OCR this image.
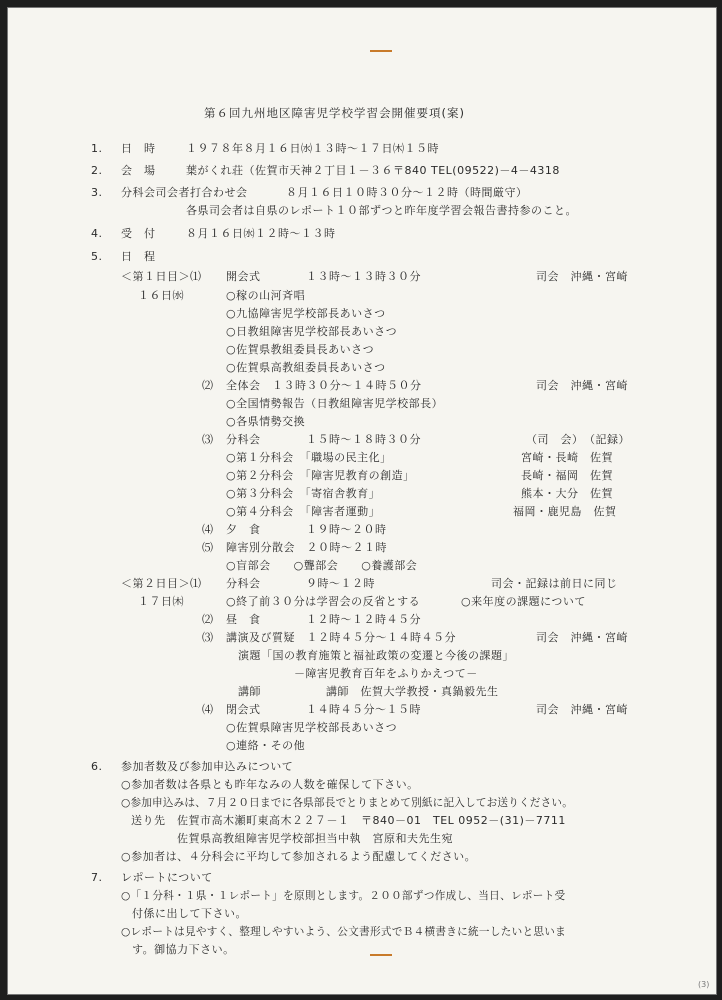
第６回九州地区障害児学校学習会開催要項(案)
1. 日　時	１９７８年８月１６日㈬１３時～１７日㈭１５時
2. 会　場	葉がくれ荘（佐賀市天神２丁目１－３６〒840 TEL(09522)－4－4318
3. 分科会司会者打合わせ会	８月１６日１０時３０分～１２時（時間厳守）
各県司会者は自県のレポート１０部ずつと昨年度学習会報告書持参のこと。
4. 受　付	８月１６日㈬１２時～１３時
5. 日　程
＜第１日目＞⑴ 開会式	１３時～１３時３０分	司会　沖縄・宮崎
１６日㈬	○稼の山河斉唱
○九協障害児学校部長あいさつ
○日教組障害児学校部長あいさつ
○佐賀県教組委員長あいさつ
○佐賀県高教組委員長あいさつ
⑵ 全体会　１３時３０分～１４時５０分	司会　沖縄・宮崎
○全国情勢報告（日教組障害児学校部長）
○各県情勢交換
⑶ 分科会	１５時～１８時３０分	（司　会）　（記録）
○第１分科会　「職場の民主化」	宮崎・長崎　佐賀
○第２分科会　「障害児教育の創造」	長崎・福岡　佐賀
○第３分科会　「寄宿舎教育」	熊本・大分　佐賀
○第４分科会　「障害者運動」	福岡・鹿児島　佐賀
⑷ 夕　食	１９時～２０時
⑸ 障害別分散会　２０時～２１時
○盲部会　　○聾部会　　○養護部会
＜第２日目＞⑴ 分科会	９時～１２時	司会・記録は前日に同じ
１７日㈭	○終了前３０分は学習会の反省とする	○来年度の課題について
⑵ 昼　食	１２時～１２時４５分
⑶ 講演及び質疑　１２時４５分～１４時４５分	司会　沖縄・宮崎
演題「国の教育施策と福祉政策の変遷と今後の課題」
－障害児教育百年をふりかえつて－
講師	講師　佐賀大学教授・真鍋毅先生
⑷ 閉会式	１４時４５分～１５時	司会　沖縄・宮崎
○佐賀県障害児学校部長あいさつ
○連絡・その他
6. 参加者数及び参加申込みについて
○参加者数は各県とも昨年なみの人数を確保して下さい。
○参加申込みは、７月２０日までに各県部長でとりまとめて別紙に記入してお送りください。
送り先　佐賀市高木瀬町東高木２２７－１　〒840－01　TEL 0952－(31)－7711
佐賀県高教組障害児学校部担当中執　宮原和夫先生宛
○参加者は、４分科会に平均して参加されるよう配慮してください。
7. レポートについて
○「１分科・１県・１レポート」を原則とします。２００部ずつ作成し、当日、レポート受
付係に出して下さい。
○レポートは見やすく、整理しやすいよう、公文書形式でＢ４横書きに統一したいと思いま
す。御協力下さい。
(3)
